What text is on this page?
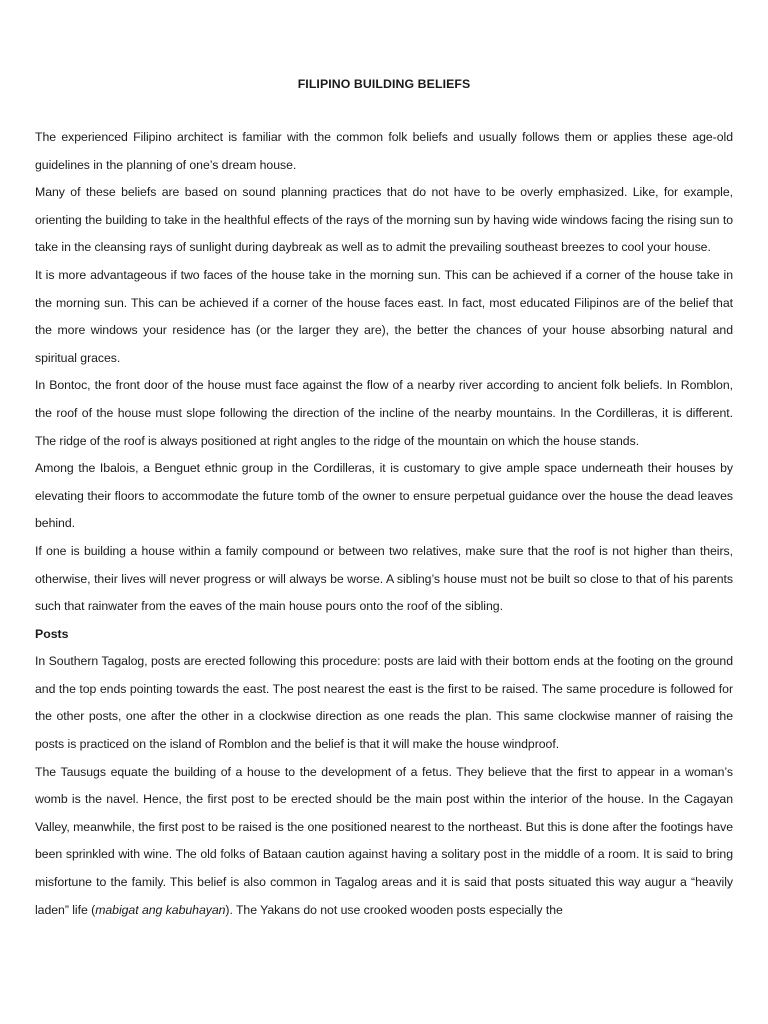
FILIPINO BUILDING BELIEFS

The experienced Filipino architect is familiar with the common folk beliefs and usually follows them or applies these age-old guidelines in the planning of one’s dream house.

Many of these beliefs are based on sound planning practices that do not have to be overly emphasized. Like, for example, orienting the building to take in the healthful effects of the rays of the morning sun by having wide windows facing the rising sun to take in the cleansing rays of sunlight during daybreak as well as to admit the prevailing southeast breezes to cool your house.

It is more advantageous if two faces of the house take in the morning sun. This can be achieved if a corner of the house take in the morning sun. This can be achieved if a corner of the house faces east. In fact, most educated Filipinos are of the belief that the more windows your residence has (or the larger they are), the better the chances of your house absorbing natural and spiritual graces.

In Bontoc, the front door of the house must face against the flow of a nearby river according to ancient folk beliefs. In Romblon, the roof of the house must slope following the direction of the incline of the nearby mountains. In the Cordilleras, it is different. The ridge of the roof is always positioned at right angles to the ridge of the mountain on which the house stands.

Among the Ibalois, a Benguet ethnic group in the Cordilleras, it is customary to give ample space underneath their houses by elevating their floors to accommodate the future tomb of the owner to ensure perpetual guidance over the house the dead leaves behind.

If one is building a house within a family compound or between two relatives, make sure that the roof is not higher than theirs, otherwise, their lives will never progress or will always be worse. A sibling’s house must not be built so close to that of his parents such that rainwater from the eaves of the main house pours onto the roof of the sibling.

Posts

In Southern Tagalog, posts are erected following this procedure: posts are laid with their bottom ends at the footing on the ground and the top ends pointing towards the east. The post nearest the east is the first to be raised. The same procedure is followed for the other posts, one after the other in a clockwise direction as one reads the plan. This same clockwise manner of raising the posts is practiced on the island of Romblon and the belief is that it will make the house windproof.

The Tausugs equate the building of a house to the development of a fetus. They believe that the first to appear in a woman’s womb is the navel. Hence, the first post to be erected should be the main post within the interior of the house. In the Cagayan Valley, meanwhile, the first post to be raised is the one positioned nearest to the northeast. But this is done after the footings have been sprinkled with wine. The old folks of Bataan caution against having a solitary post in the middle of a room. It is said to bring misfortune to the family. This belief is also common in Tagalog areas and it is said that posts situated this way augur a “heavily laden” life (mabigat ang kabuhayan). The Yakans do not use crooked wooden posts especially the
